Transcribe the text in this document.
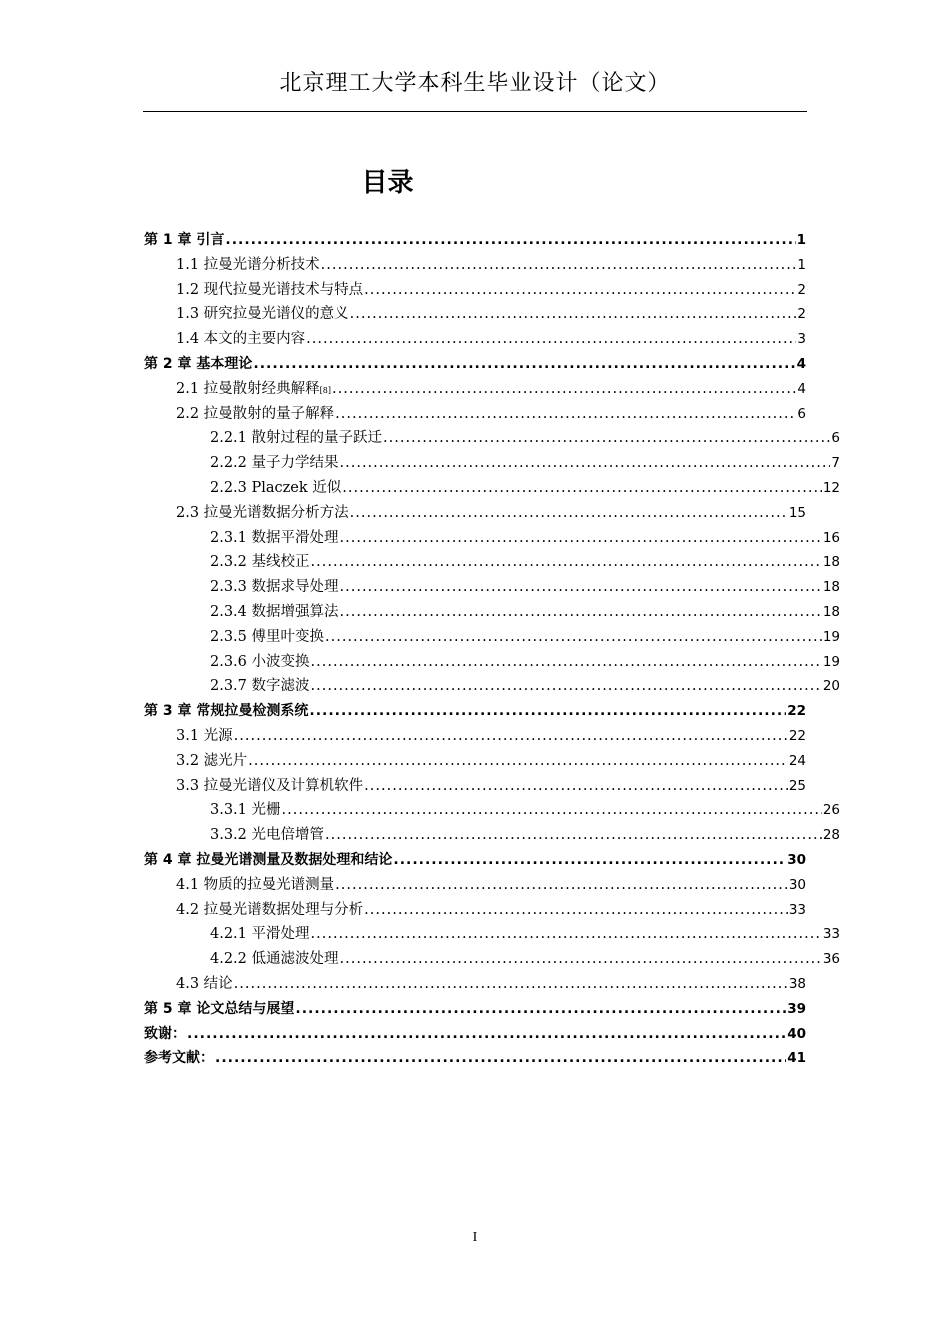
北京理工大学本科生毕业设计（论文）
目录
第 1 章 引言 .....	1
1.1 拉曼光谱分析技术 .....	1
1.2 现代拉曼光谱技术与特点 .....	2
1.3 研究拉曼光谱仪的意义 .....	2
1.4 本文的主要内容 .....	3
第 2 章 基本理论 .....	4
2.1 拉曼散射经典解释 [8] .....	4
2.2 拉曼散射的量子解释 .....	6
2.2.1 散射过程的量子跃迁 .....	6
2.2.2 量子力学结果 .....	7
2.2.3 Placzek 近似 .....	12
2.3 拉曼光谱数据分析方法 .....	15
2.3.1 数据平滑处理 .....	16
2.3.2 基线校正 .....	18
2.3.3 数据求导处理 .....	18
2.3.4 数据增强算法 .....	18
2.3.5 傅里叶变换 .....	19
2.3.6 小波变换 .....	19
2.3.7 数字滤波 .....	20
第 3 章 常规拉曼检测系统 .....	22
3.1 光源 .....	22
3.2 滤光片 .....	24
3.3 拉曼光谱仪及计算机软件 .....	25
3.3.1 光栅 .....	26
3.3.2 光电倍增管 .....	28
第 4 章 拉曼光谱测量及数据处理和结论 .....	30
4.1 物质的拉曼光谱测量 .....	30
4.2 拉曼光谱数据处理与分析 .....	33
4.2.1 平滑处理 .....	33
4.2.2 低通滤波处理 .....	36
4.3 结论 .....	38
第 5 章 论文总结与展望 .....	39
致谢： .....	40
参考文献： .....	41
I
